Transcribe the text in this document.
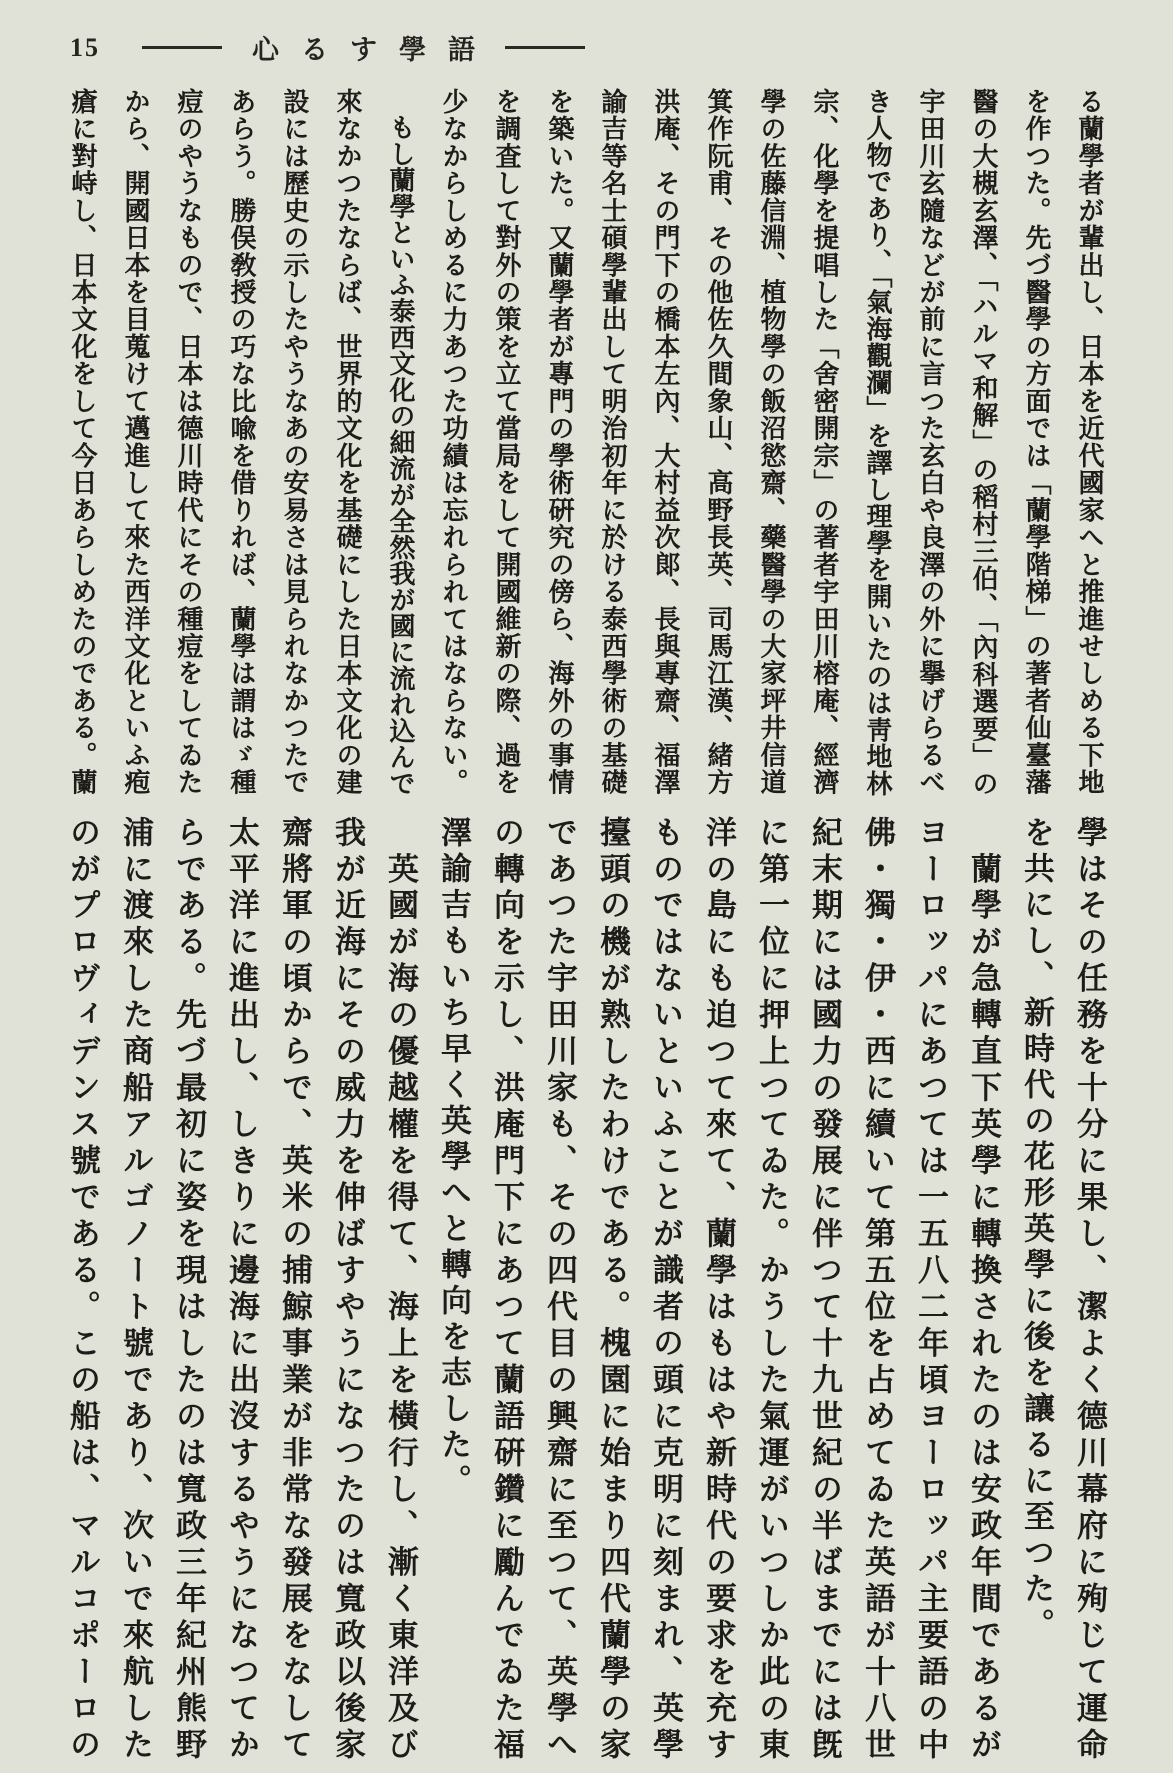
15	心るす學語
る蘭學者が輩出し、日本を近代國家へと推進せしめる下地
を作つた。先づ醫學の方面では「蘭學階梯」の著者仙臺藩
醫の大槻玄澤、「ハルマ和解」の稻村三伯、「內科選要」の
宇田川玄隨などが前に言つた玄白や良澤の外に擧げらるべ
き人物であり、「氣海觀瀾」を譯し理學を開いたのは靑地林
宗、化學を提唱した「舍密開宗」の著者宇田川榕庵、經濟
學の佐藤信淵、植物學の飯沼慾齋、藥醫學の大家坪井信道
箕作阮甫、その他佐久間象山、高野長英、司馬江漢、緒方
洪庵、その門下の橋本左內、大村益次郞、長與專齋、福澤
諭吉等名士碩學輩出して明治初年に於ける泰西學術の基礎
を築いた。又蘭學者が專門の學術硏究の傍ら、海外の事情
を調査して對外の策を立て當局をして開國維新の際、過を
少なからしめるに力あつた功績は忘れられてはならない。
　もし蘭學といふ泰西文化の細流が全然我が國に流れ込んで
來なかつたならば、世界的文化を基礎にした日本文化の建
設には歷史の示したやうなあの安易さは見られなかつたで
あらう。勝俣敎授の巧な比喩を借りれば、蘭學は謂はゞ種
痘のやうなもので、日本は德川時代にその種痘をしてゐた
から、開國日本を目蒐けて邁進して來た西洋文化といふ疱
瘡に對峙し、日本文化をして今日あらしめたのである。蘭
學はその任務を十分に果し、潔よく德川幕府に殉じて運命
を共にし、新時代の花形英學に後を讓るに至つた。
　蘭學が急轉直下英學に轉換されたのは安政年間であるが
ヨーロッパにあつては一五八二年頃ヨーロッパ主要語の中
佛・獨・伊・西に續いて第五位を占めてゐた英語が十八世
紀末期には國力の發展に伴つて十九世紀の半ばまでには旣
に第一位に押上つてゐた。かうした氣運がいつしか此の東
洋の島にも迫つて來て、蘭學はもはや新時代の要求を充す
ものではないといふことが識者の頭に克明に刻まれ、英學
擡頭の機が熟したわけである。槐園に始まり四代蘭學の家
であつた宇田川家も、その四代目の興齋に至つて、英學へ
の轉向を示し、洪庵門下にあつて蘭語硏鑽に勵んでゐた福
澤諭吉もいち早く英學へと轉向を志した。
　英國が海の優越權を得て、海上を橫行し、漸く東洋及び
我が近海にその威力を伸ばすやうになつたのは寬政以後家
齋將軍の頃からで、英米の捕鯨事業が非常な發展をなして
太平洋に進出し、しきりに邊海に出沒するやうになつてか
らである。先づ最初に姿を現はしたのは寬政三年紀州熊野
浦に渡來した商船アルゴノート號であり、次いで來航した
のがプロヴィデンス號である。この船は、マルコポーロの
